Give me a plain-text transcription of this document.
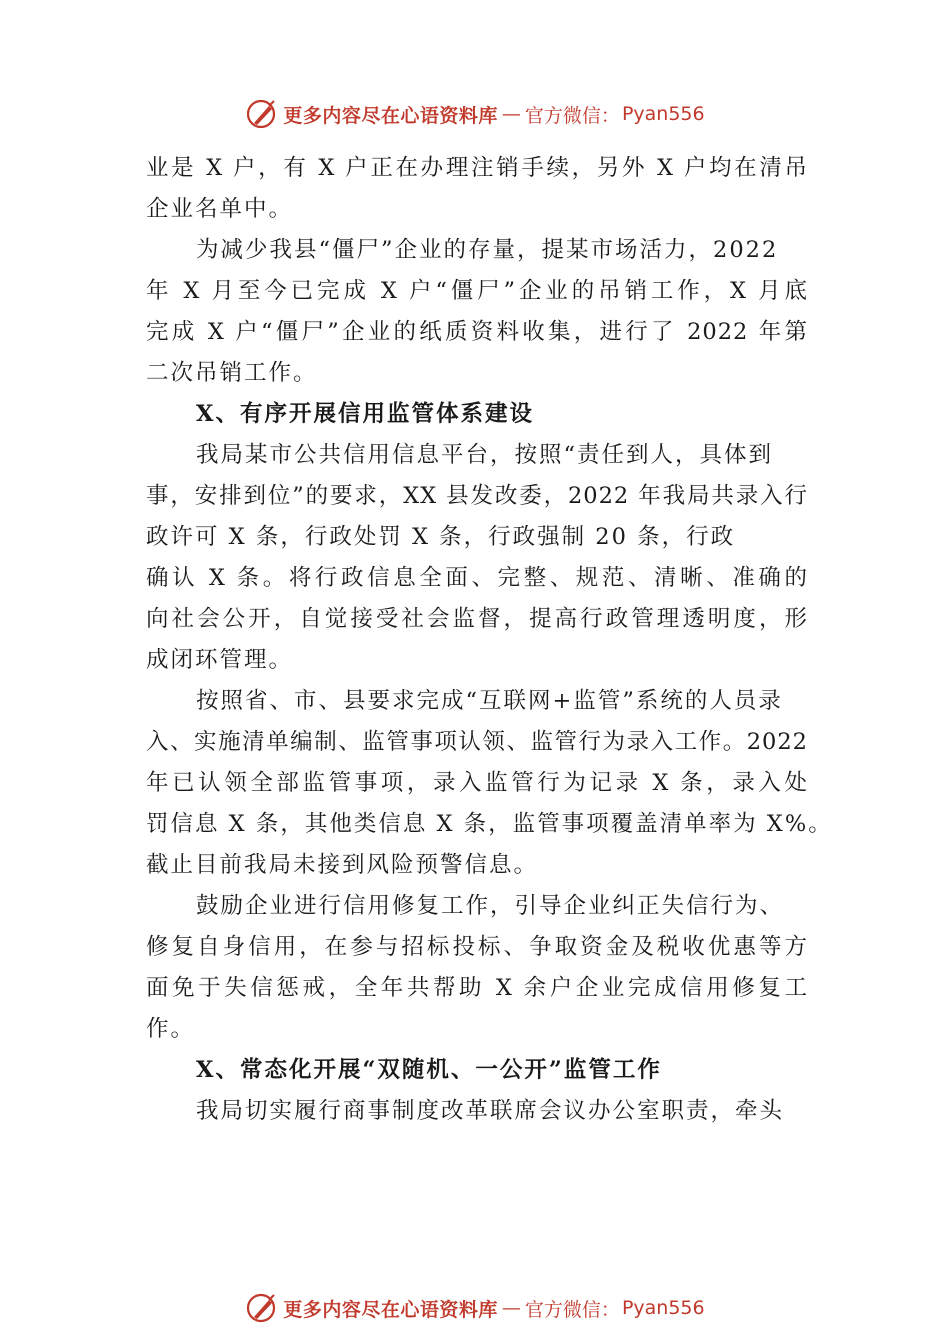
更多内容尽在心语资料库 — 官方微信： Pyan556
业是 X 户，有 X 户正在办理注销手续，另外 X 户均在清吊
企业名单中。
为减少我县“僵尸”企业的存量，提某市场活力，2022
年 X 月至今已完成 X 户“僵尸”企业的吊销工作，X 月底
完成 X 户“僵尸”企业的纸质资料收集，进行了 2022 年第
二次吊销工作。
X、有序开展信用监管体系建设
我局某市公共信用信息平台，按照“责任到人，具体到
事，安排到位”的要求，XX 县发改委，2022 年我局共录入行
政许可 X 条，行政处罚 X 条，行政强制 20 条，行政
确认 X 条。将行政信息全面、完整、规范、清晰、准确的
向社会公开，自觉接受社会监督，提高行政管理透明度，形
成闭环管理。
按照省、市、县要求完成“互联网+监管”系统的人员录
入、实施清单编制、监管事项认领、监管行为录入工作。2022
年已认领全部监管事项，录入监管行为记录 X 条，录入处
罚信息 X 条，其他类信息 X 条，监管事项覆盖清单率为 X%。
截止目前我局未接到风险预警信息。
鼓励企业进行信用修复工作，引导企业纠正失信行为、
修复自身信用，在参与招标投标、争取资金及税收优惠等方
面免于失信惩戒，全年共帮助 X 余户企业完成信用修复工
作。
X、常态化开展“双随机、一公开”监管工作
我局切实履行商事制度改革联席会议办公室职责，牵头
更多内容尽在心语资料库 — 官方微信： Pyan556
